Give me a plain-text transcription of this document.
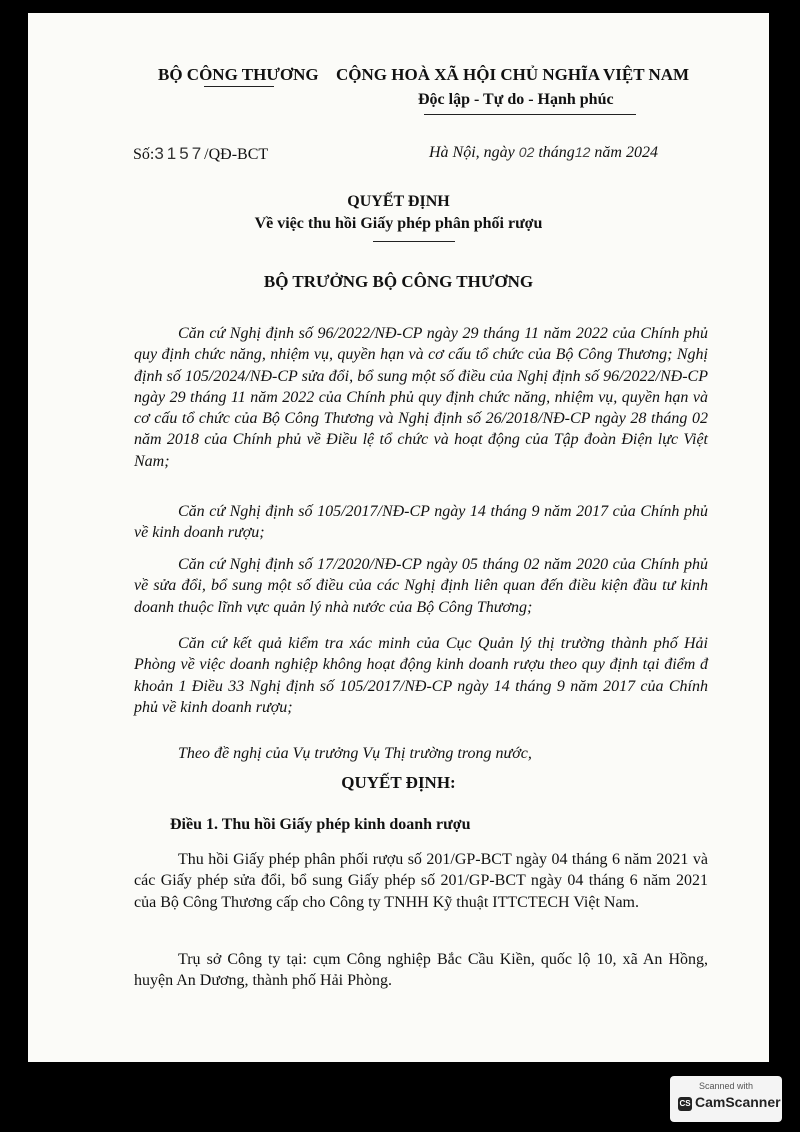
BỘ CÔNG THƯƠNG CỘNG HOÀ XÃ HỘI CHỦ NGHĨA VIỆT NAM
Độc lập - Tự do - Hạnh phúc
Số:3157/QĐ-BCT	Hà Nội, ngày 02 tháng12 năm 2024
QUYẾT ĐỊNH
Về việc thu hồi Giấy phép phân phối rượu
BỘ TRƯỞNG BỘ CÔNG THƯƠNG

Căn cứ Nghị định số 96/2022/NĐ-CP ngày 29 tháng 11 năm 2022 của Chính phủ quy định chức năng, nhiệm vụ, quyền hạn và cơ cấu tổ chức của Bộ Công Thương; Nghị định số 105/2024/NĐ-CP sửa đổi, bổ sung một số điều của Nghị định số 96/2022/NĐ-CP ngày 29 tháng 11 năm 2022 của Chính phủ quy định chức năng, nhiệm vụ, quyền hạn và cơ cấu tổ chức của Bộ Công Thương và Nghị định số 26/2018/NĐ-CP ngày 28 tháng 02 năm 2018 của Chính phủ về Điều lệ tổ chức và hoạt động của Tập đoàn Điện lực Việt Nam;

Căn cứ Nghị định số 105/2017/NĐ-CP ngày 14 tháng 9 năm 2017 của Chính phủ về kinh doanh rượu;

Căn cứ Nghị định số 17/2020/NĐ-CP ngày 05 tháng 02 năm 2020 của Chính phủ về sửa đổi, bổ sung một số điều của các Nghị định liên quan đến điều kiện đầu tư kinh doanh thuộc lĩnh vực quản lý nhà nước của Bộ Công Thương;

Căn cứ kết quả kiểm tra xác minh của Cục Quản lý thị trường thành phố Hải Phòng về việc doanh nghiệp không hoạt động kinh doanh rượu theo quy định tại điểm đ khoản 1 Điều 33 Nghị định số 105/2017/NĐ-CP ngày 14 tháng 9 năm 2017 của Chính phủ về kinh doanh rượu;

Theo đề nghị của Vụ trưởng Vụ Thị trường trong nước,

QUYẾT ĐỊNH:
Điều 1. Thu hồi Giấy phép kinh doanh rượu

Thu hồi Giấy phép phân phối rượu số 201/GP-BCT ngày 04 tháng 6 năm 2021 và các Giấy phép sửa đổi, bổ sung Giấy phép số 201/GP-BCT ngày 04 tháng 6 năm 2021 của Bộ Công Thương cấp cho Công ty TNHH Kỹ thuật ITTCTECH Việt Nam.

Trụ sở Công ty tại: cụm Công nghiệp Bắc Cầu Kiền, quốc lộ 10, xã An Hồng, huyện An Dương, thành phố Hải Phòng.

Scanned with
CS CamScanner
